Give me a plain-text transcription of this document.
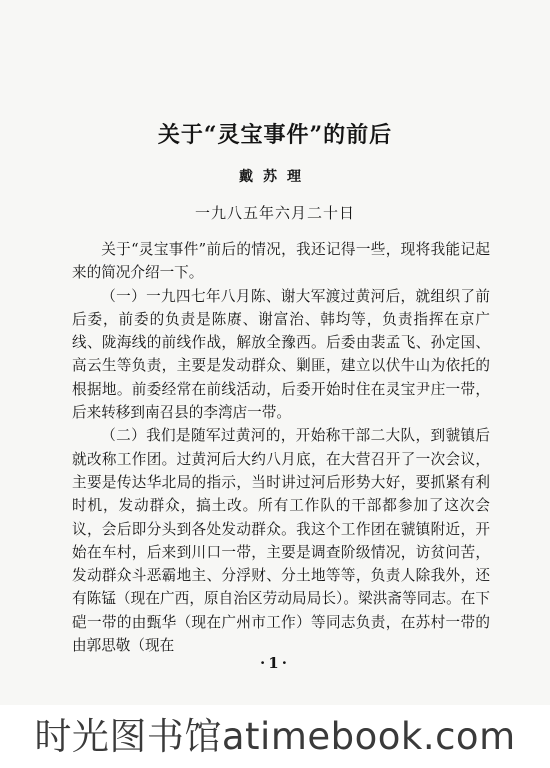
关于“灵宝事件”的前后
戴苏理
一九八五年六月二十日

关于“灵宝事件”前后的情况，我还记得一些，现将我能记起来的简况介绍一下。

（一）一九四七年八月陈、谢大军渡过黄河后，就组织了前后委，前委的负责是陈赓、谢富治、韩均等，负责指挥在京广线、陇海线的前线作战，解放全豫西。后委由裴孟飞、孙定国、高云生等负责，主要是发动群众、剿匪，建立以伏牛山为依托的根据地。前委经常在前线活动，后委开始时住在灵宝尹庄一带，后来转移到南召县的李湾店一带。

（二）我们是随军过黄河的，开始称干部二大队，到虢镇后就改称工作团。过黄河后大约八月底，在大营召开了一次会议，主要是传达华北局的指示，当时讲过河后形势大好，要抓紧有利时机，发动群众，搞土改。所有工作队的干部都参加了这次会议，会后即分头到各处发动群众。我这个工作团在虢镇附近，开始在车村，后来到川口一带，主要是调查阶级情况，访贫问苦，发动群众斗恶霸地主、分浮财、分土地等等，负责人除我外，还有陈锰（现在广西，原自治区劳动局局长）。梁洪斋等同志。在下硙一带的由甄华（现在广州市工作）等同志负责，在苏村一带的由郭思敬（现在

·1·
时光图书馆atimebook.com
